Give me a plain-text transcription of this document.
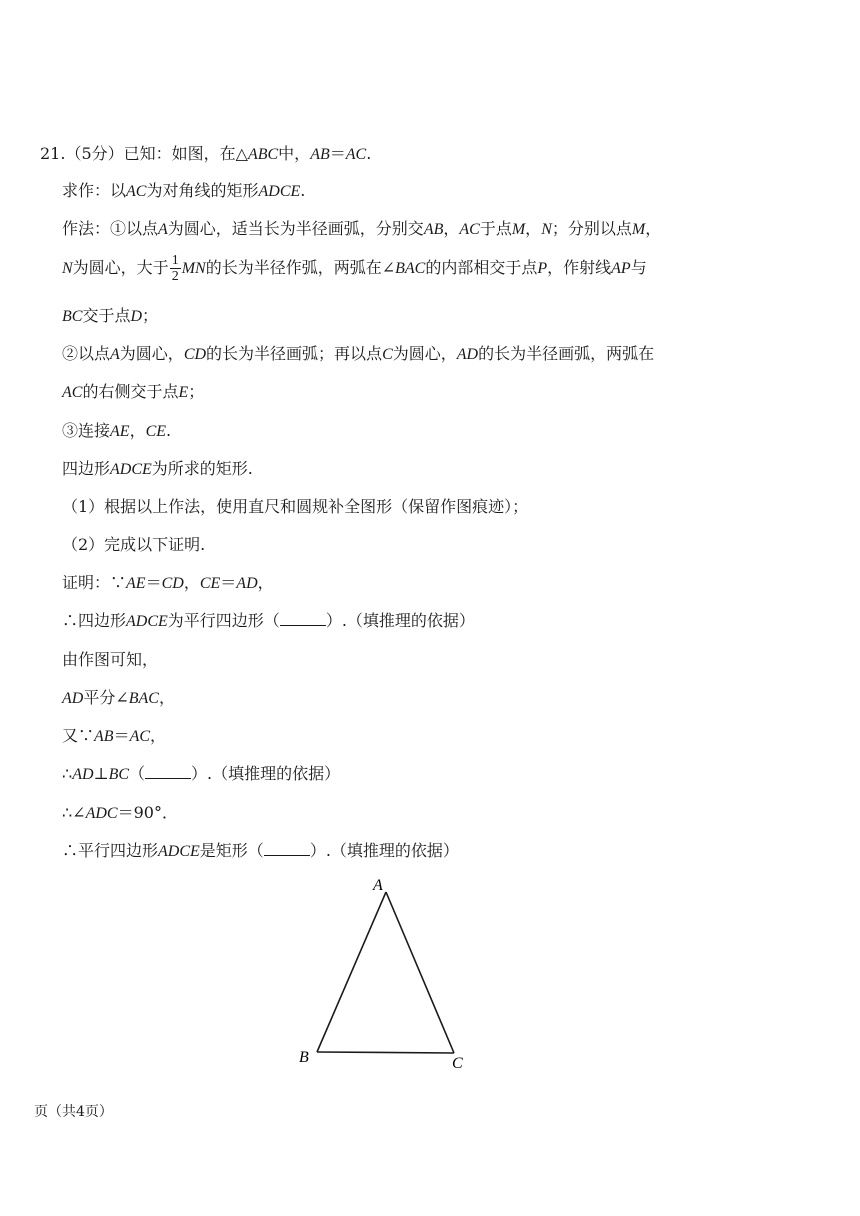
21.（5分）已知：如图，在△ABC中，AB＝AC.
求作：以AC为对角线的矩形ADCE.
作法：①以点A为圆心，适当长为半径画弧，分别交AB，AC于点M，N；分别以点M，
N为圆心，大于 $\frac{1}{2}$ MN的长为半径作弧，两弧在∠BAC的内部相交于点P，作射线AP与
BC交于点D；
②以点A为圆心，CD的长为半径画弧；再以点C为圆心，AD的长为半径画弧，两弧在
AC的右侧交于点E；
③连接AE，CE.
四边形ADCE为所求的矩形.
（1）根据以上作法，使用直尺和圆规补全图形（保留作图痕迹）；
（2）完成以下证明.
证明：∵AE＝CD，CE＝AD，
∴四边形ADCE为平行四边形（	）.（填推理的依据）
由作图可知，
AD平分∠BAC，
又∵AB＝AC，
∴AD⊥BC（	）.（填推理的依据）
∴∠ADC＝90°．
∴平行四边形ADCE是矩形（	）.（填推理的依据）
A
B	C
页（共4页）
